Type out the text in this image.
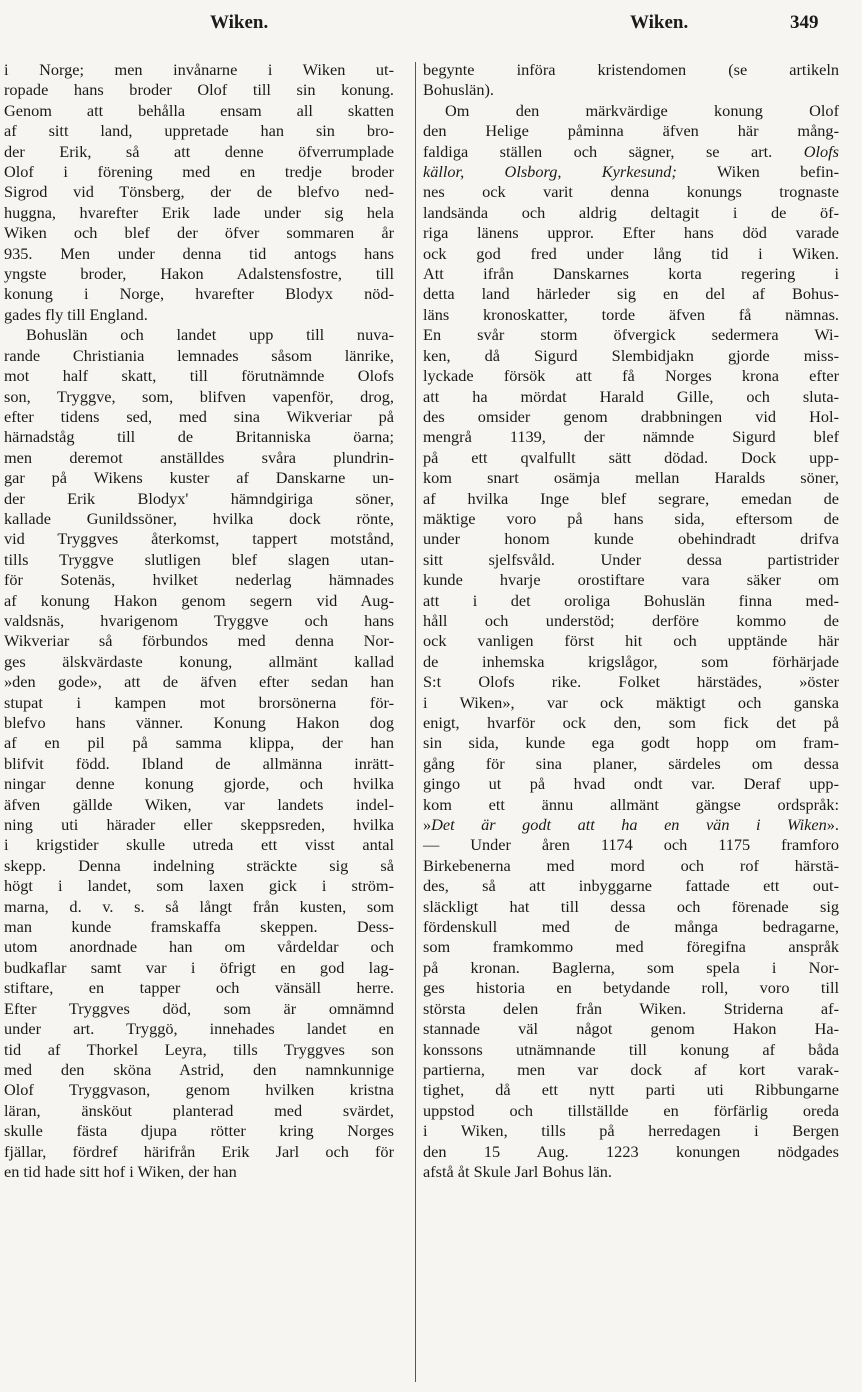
Wiken.	Wiken.	349
i Norge; men invånarne i Wiken ut-
ropade hans broder Olof till sin konung.
Genom att behålla ensam all skatten
af sitt land, uppretade han sin bro-
der Erik, så att denne öfverrumplade
Olof i förening med en tredje broder
Sigrod vid Tönsberg, der de blefvo ned-
huggna, hvarefter Erik lade under sig hela
Wiken och blef der öfver sommaren år
935. Men under denna tid antogs hans
yngste broder, Hakon Adalstensfostre, till
konung i Norge, hvarefter Blodyx nöd-
gades fly till England.
Bohuslän och landet upp till nuva-
rande Christiania lemnades såsom länrike,
mot half skatt, till förutnämnde Olofs
son, Tryggve, som, blifven vapenför, drog,
efter tidens sed, med sina Wikveriar på
härnadståg till de Britanniska öarna;
men deremot anställdes svåra plundrin-
gar på Wikens kuster af Danskarne un-
der Erik Blodyx' hämndgiriga söner,
kallade Gunildssöner, hvilka dock rönte,
vid Tryggves återkomst, tappert motstånd,
tills Tryggve slutligen blef slagen utan-
för Sotenäs, hvilket nederlag hämnades
af konung Hakon genom segern vid Aug-
valdsnäs, hvarigenom Tryggve och hans
Wikveriar så förbundos med denna Nor-
ges älskvärdaste konung, allmänt kallad
»den gode», att de äfven efter sedan han
stupat i kampen mot brorsönerna för-
blefvo hans vänner. Konung Hakon dog
af en pil på samma klippa, der han
blifvit född. Ibland de allmänna inrätt-
ningar denne konung gjorde, och hvilka
äfven gällde Wiken, var landets indel-
ning uti härader eller skeppsreden, hvilka
i krigstider skulle utreda ett visst antal
skepp. Denna indelning sträckte sig så
högt i landet, som laxen gick i ström-
marna, d. v. s. så långt från kusten, som
man kunde framskaffa skeppen. Dess-
utom anordnade han om vårdeldar och
budkaflar samt var i öfrigt en god lag-
stiftare, en tapper och vänsäll herre.
Efter Tryggves död, som är omnämnd
under art. Tryggö, innehades landet en
tid af Thorkel Leyra, tills Tryggves son
med den sköna Astrid, den namnkunnige
Olof Tryggvason, genom hvilken kristna
läran, änsköut planterad med svärdet,
skulle fästa djupa rötter kring Norges
fjällar, fördref härifrån Erik Jarl och för
en tid hade sitt hof i Wiken, der han
begynte införa kristendomen (se artikeln
Bohuslän).
Om den märkvärdige konung Olof
den Helige påminna äfven här mång-
faldiga ställen och sägner, se art. Olofs
källor, Olsborg, Kyrkesund; Wiken befin-
nes ock varit denna konungs trognaste
landsända och aldrig deltagit i de öf-
riga länens uppror. Efter hans död varade
ock god fred under lång tid i Wiken.
Att ifrån Danskarnes korta regering i
detta land härleder sig en del af Bohus-
läns kronoskatter, torde äfven få nämnas.
En svår storm öfvergick sedermera Wi-
ken, då Sigurd Slembidjakn gjorde miss-
lyckade försök att få Norges krona efter
att ha mördat Harald Gille, och sluta-
des omsider genom drabbningen vid Hol-
mengrå 1139, der nämnde Sigurd blef
på ett qvalfullt sätt dödad. Dock upp-
kom snart osämja mellan Haralds söner,
af hvilka Inge blef segrare, emedan de
mäktige voro på hans sida, eftersom de
under honom kunde obehindradt drifva
sitt sjelfsvåld. Under dessa partistrider
kunde hvarje orostiftare vara säker om
att i det oroliga Bohuslän finna med-
håll och understöd; derföre kommo de
ock vanligen först hit och upptände här
de inhemska krigslågor, som förhärjade
S:t Olofs rike. Folket härstädes, »öster
i Wiken», var ock mäktigt och ganska
enigt, hvarför ock den, som fick det på
sin sida, kunde ega godt hopp om fram-
gång för sina planer, särdeles om dessa
gingo ut på hvad ondt var. Deraf upp-
kom ett ännu allmänt gängse ordspråk:
»Det är godt att ha en vän i Wiken».
— Under åren 1174 och 1175 framforo
Birkebenerna med mord och rof härstä-
des, så att inbyggarne fattade ett out-
släckligt hat till dessa och förenade sig
fördenskull med de många bedragarne,
som framkommo med föregifna anspråk
på kronan. Baglerna, som spela i Nor-
ges historia en betydande roll, voro till
största delen från Wiken. Striderna af-
stannade väl något genom Hakon Ha-
konssons utnämnande till konung af båda
partierna, men var dock af kort varak-
tighet, då ett nytt parti uti Ribbungarne
uppstod och tillställde en förfärlig oreda
i Wiken, tills på herredagen i Bergen
den 15 Aug. 1223 konungen nödgades
afstå åt Skule Jarl Bohus län.
